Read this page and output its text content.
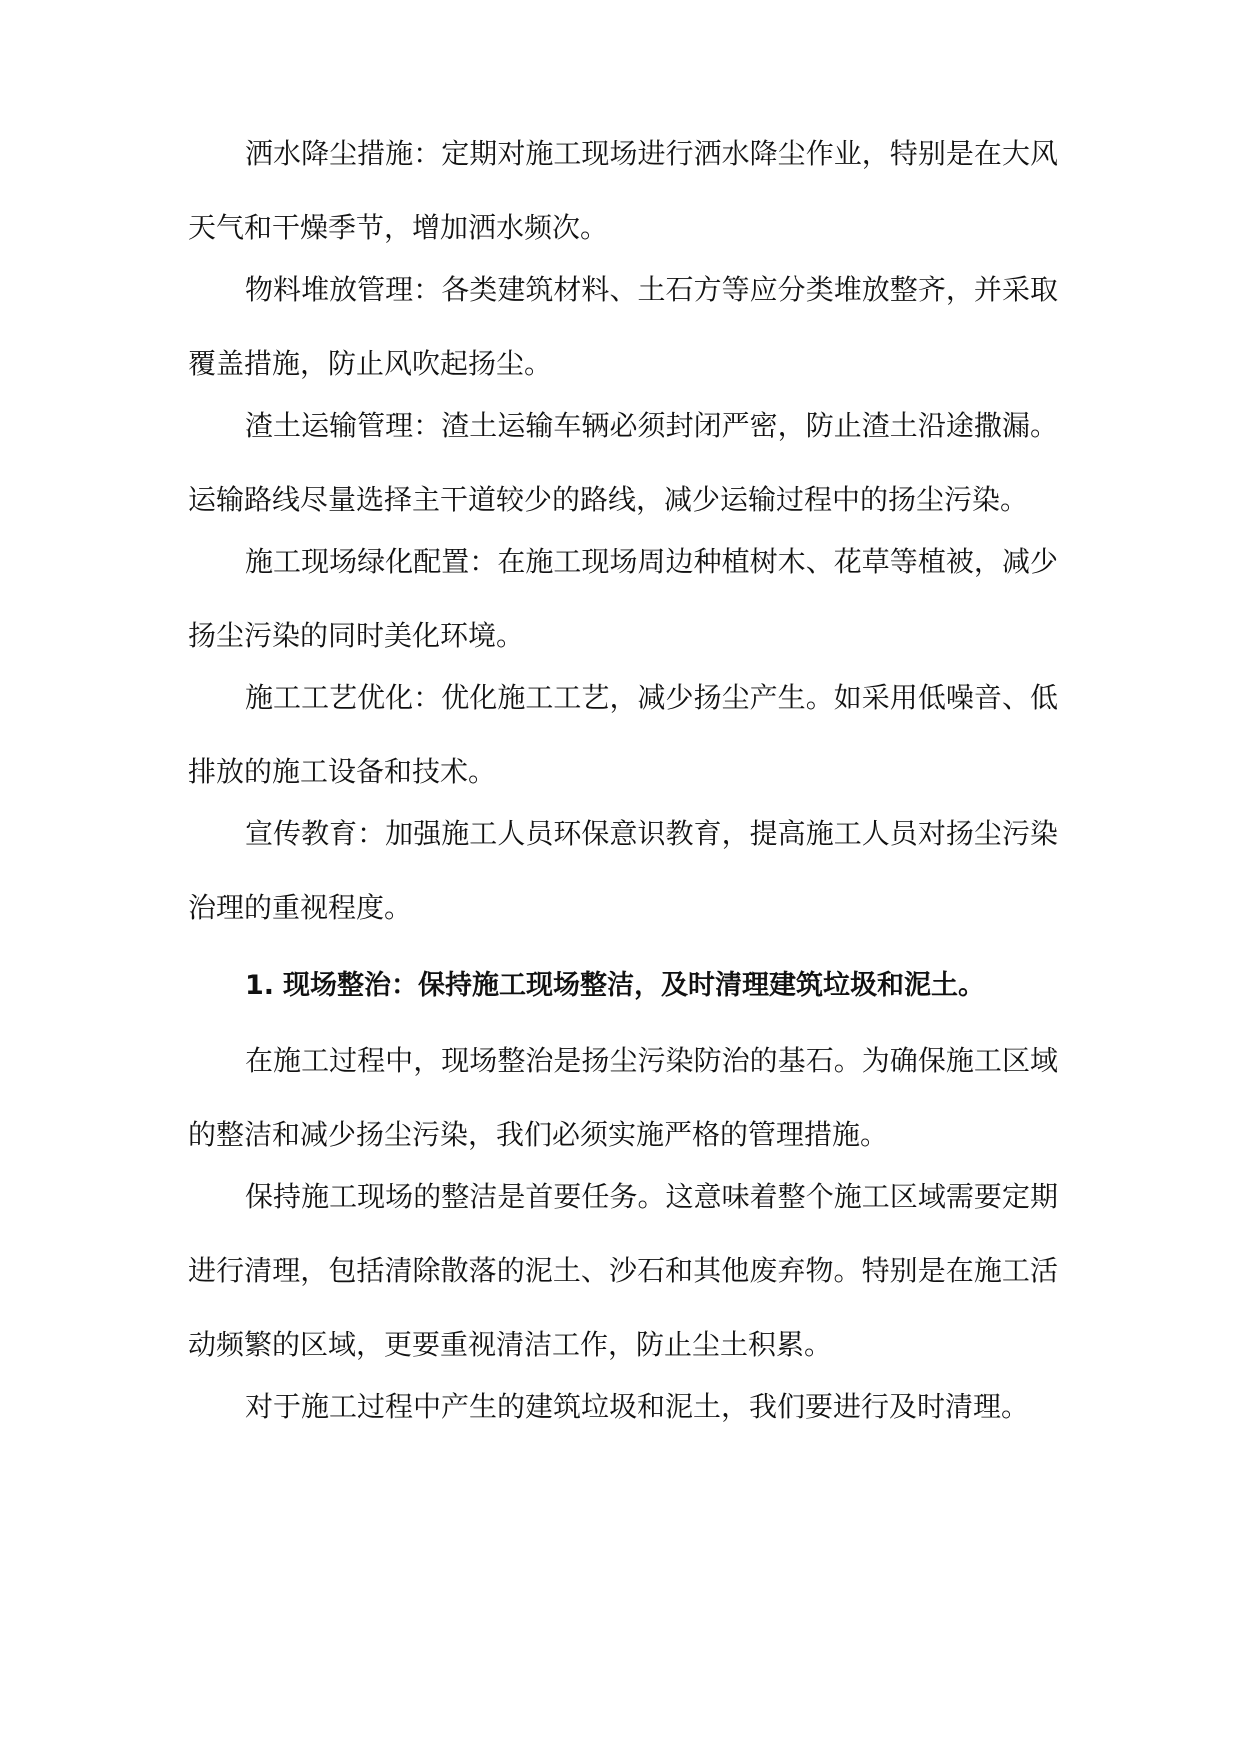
洒水降尘措施：定期对施工现场进行洒水降尘作业，特别是在大风天气和干燥季节，增加洒水频次。

物料堆放管理：各类建筑材料、土石方等应分类堆放整齐，并采取覆盖措施，防止风吹起扬尘。

渣土运输管理：渣土运输车辆必须封闭严密，防止渣土沿途撒漏。运输路线尽量选择主干道较少的路线，减少运输过程中的扬尘污染。

施工现场绿化配置：在施工现场周边种植树木、花草等植被，减少扬尘污染的同时美化环境。

施工工艺优化：优化施工工艺，减少扬尘产生。如采用低噪音、低排放的施工设备和技术。

宣传教育：加强施工人员环保意识教育，提高施工人员对扬尘污染治理的重视程度。

1. 现场整治：保持施工现场整洁，及时清理建筑垃圾和泥土。

在施工过程中，现场整治是扬尘污染防治的基石。为确保施工区域的整洁和减少扬尘污染，我们必须实施严格的管理措施。

保持施工现场的整洁是首要任务。这意味着整个施工区域需要定期进行清理，包括清除散落的泥土、沙石和其他废弃物。特别是在施工活动频繁的区域，更要重视清洁工作，防止尘土积累。

对于施工过程中产生的建筑垃圾和泥土，我们要进行及时清理。
